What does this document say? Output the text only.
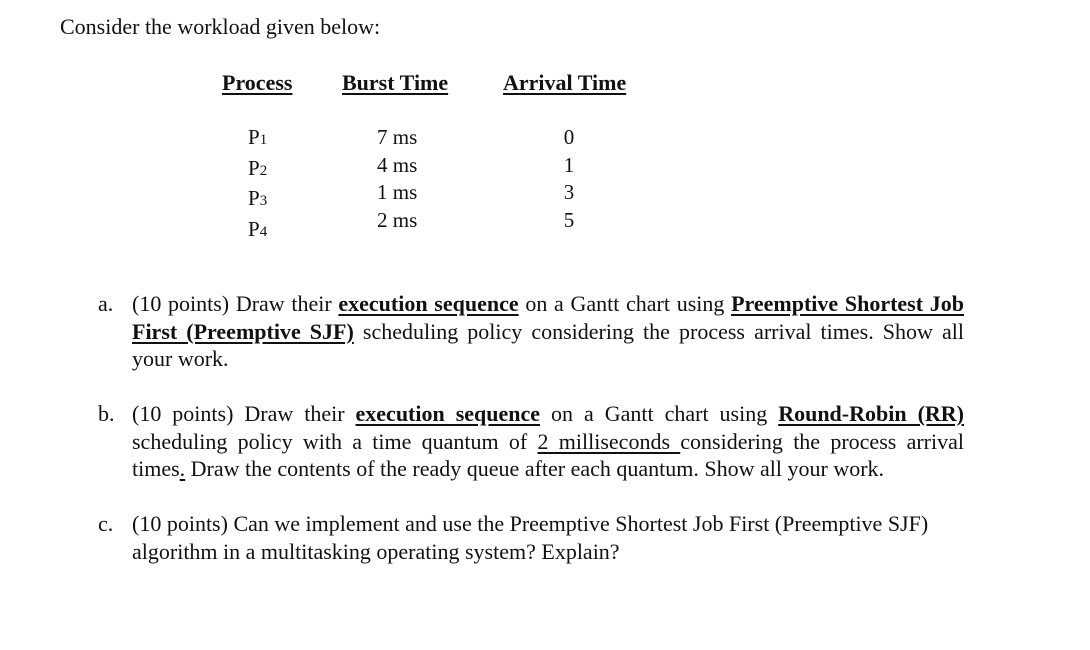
Consider the workload given below:
Process Burst Time Arrival Time
P1
P2
P3
P4
7 ms
4 ms
1 ms
2 ms
0
1
3
5
a. (10 points) Draw their execution sequence on a Gantt chart using Preemptive Shortest Job First (Preemptive SJF) scheduling policy considering the process arrival times. Show all your work.
b. (10 points) Draw their execution sequence on a Gantt chart using Round-Robin (RR) scheduling policy with a time quantum of 2 milliseconds considering the process arrival times. Draw the contents of the ready queue after each quantum. Show all your work.
c. (10 points) Can we implement and use the Preemptive Shortest Job First (Preemptive SJF) algorithm in a multitasking operating system? Explain?
